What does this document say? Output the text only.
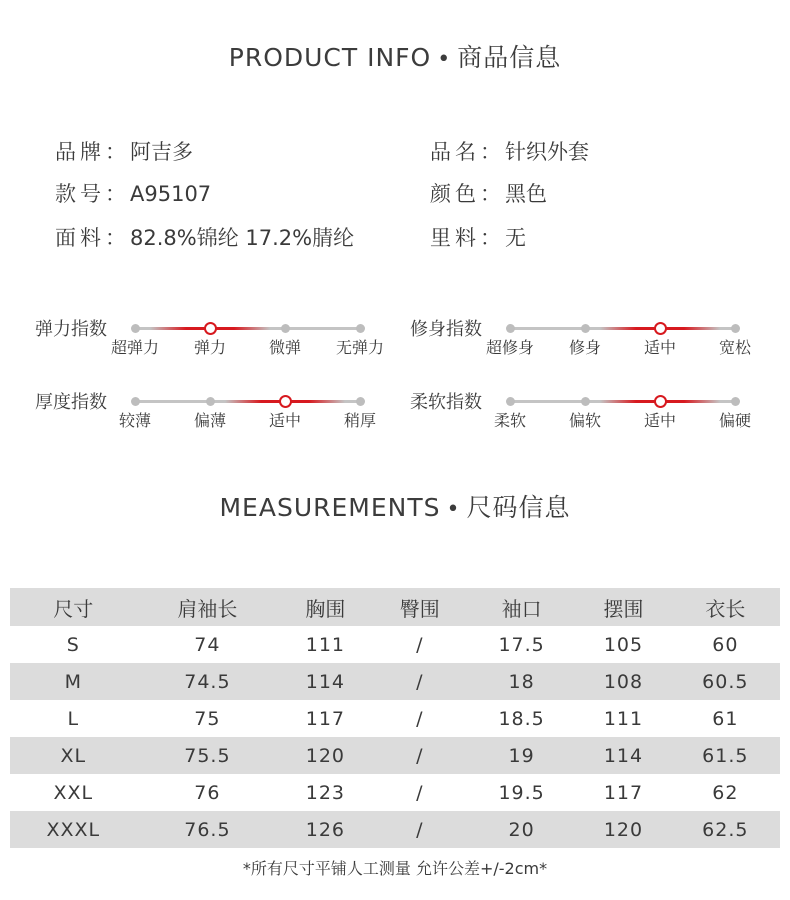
PRODUCT INFO • 商品信息
品牌：阿吉多	品名：针织外套
款号：A95107	颜色：黑色
面料：82.8%锦纶 17.2%腈纶	里料：无
弹力指数
超弹力 弹力	微弹 无弹力
修身指数
超修身 修身	适中	宽松
厚度指数
较薄	偏薄	适中	稍厚
柔软指数
柔软	偏软	适中	偏硬
MEASUREMENTS • 尺码信息
尺寸	肩袖长	胸围	臀围	袖口	摆围	衣长
S	74	111	/	17.5	105	60
M	74.5	114	/	18	108	60.5
L	75	117	/	18.5	111	61
XL	75.5	120	/	19	114	61.5
XXL	76	123	/	19.5	117	62
XXXL	76.5	126	/	20	120	62.5
*所有尺寸平铺人工测量 允许公差+/-2cm*
